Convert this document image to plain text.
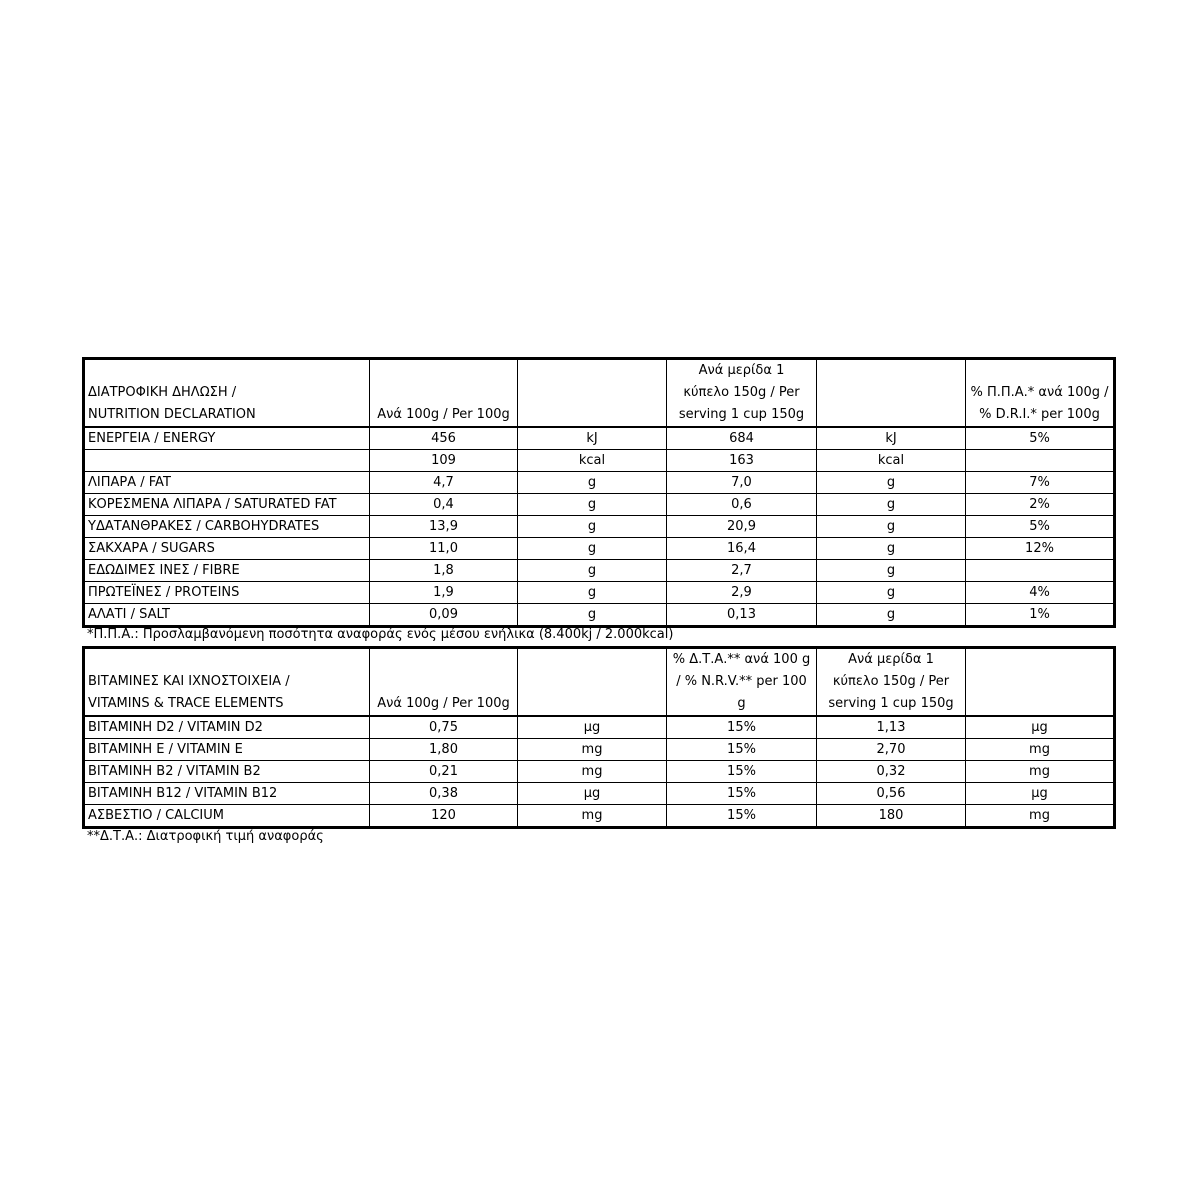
ΔΙΑΤΡΟΦΙΚΗ ΔΗΛΩΣΗ /
NUTRITION DECLARATION	Ανά 100g / Per 100g		Ανά μερίδα 1
κύπελο 150g / Per
serving 1 cup 150g		% Π.Π.Α.* ανά 100g /
% D.R.I.* per 100g
ΕΝΕΡΓΕΙΑ / ENERGY	456	kJ	684	kJ	5%
	109	kcal	163	kcal	
ΛΙΠΑΡΑ / FAT	4,7	g	7,0	g	7%
ΚΟΡΕΣΜΕΝΑ ΛΙΠΑΡΑ / SATURATED FAT	0,4	g	0,6	g	2%
ΥΔΑΤΑΝΘΡΑΚΕΣ / CARBOHYDRATES	13,9	g	20,9	g	5%
ΣΑΚΧΑΡΑ / SUGARS	11,0	g	16,4	g	12%
ΕΔΩΔΙΜΕΣ ΙΝΕΣ / FIBRE	1,8	g	2,7	g	
ΠΡΩΤΕΪΝΕΣ / PROTEINS	1,9	g	2,9	g	4%
ΑΛΑΤΙ / SALT	0,09	g	0,13	g	1%
*Π.Π.Α.: Προσλαμβανόμενη ποσότητα αναφοράς ενός μέσου ενήλικα (8.400kj / 2.000kcal)
ΒΙΤΑΜΙΝΕΣ ΚΑΙ ΙΧΝΟΣΤΟΙΧΕΙΑ /
VITAMINS & TRACE ELEMENTS	Ανά 100g / Per 100g		% Δ.Τ.Α.** ανά 100 g
/ % N.R.V.** per 100
g	Ανά μερίδα 1
κύπελο 150g / Per
serving 1 cup 150g	
ΒΙΤΑΜΙΝΗ D2 / VITAMIN D2	0,75	μg	15%	1,13	μg
ΒΙΤΑΜΙΝΗ E / VITAMIN E	1,80	mg	15%	2,70	mg
ΒΙΤΑΜΙΝΗ B2 / VITAMIN B2	0,21	mg	15%	0,32	mg
ΒΙΤΑΜΙΝΗ B12 / VITAMIN B12	0,38	μg	15%	0,56	μg
ΑΣΒΕΣΤΙΟ / CALCIUM	120	mg	15%	180	mg
**Δ.Τ.Α.: Διατροφική τιμή αναφοράς
